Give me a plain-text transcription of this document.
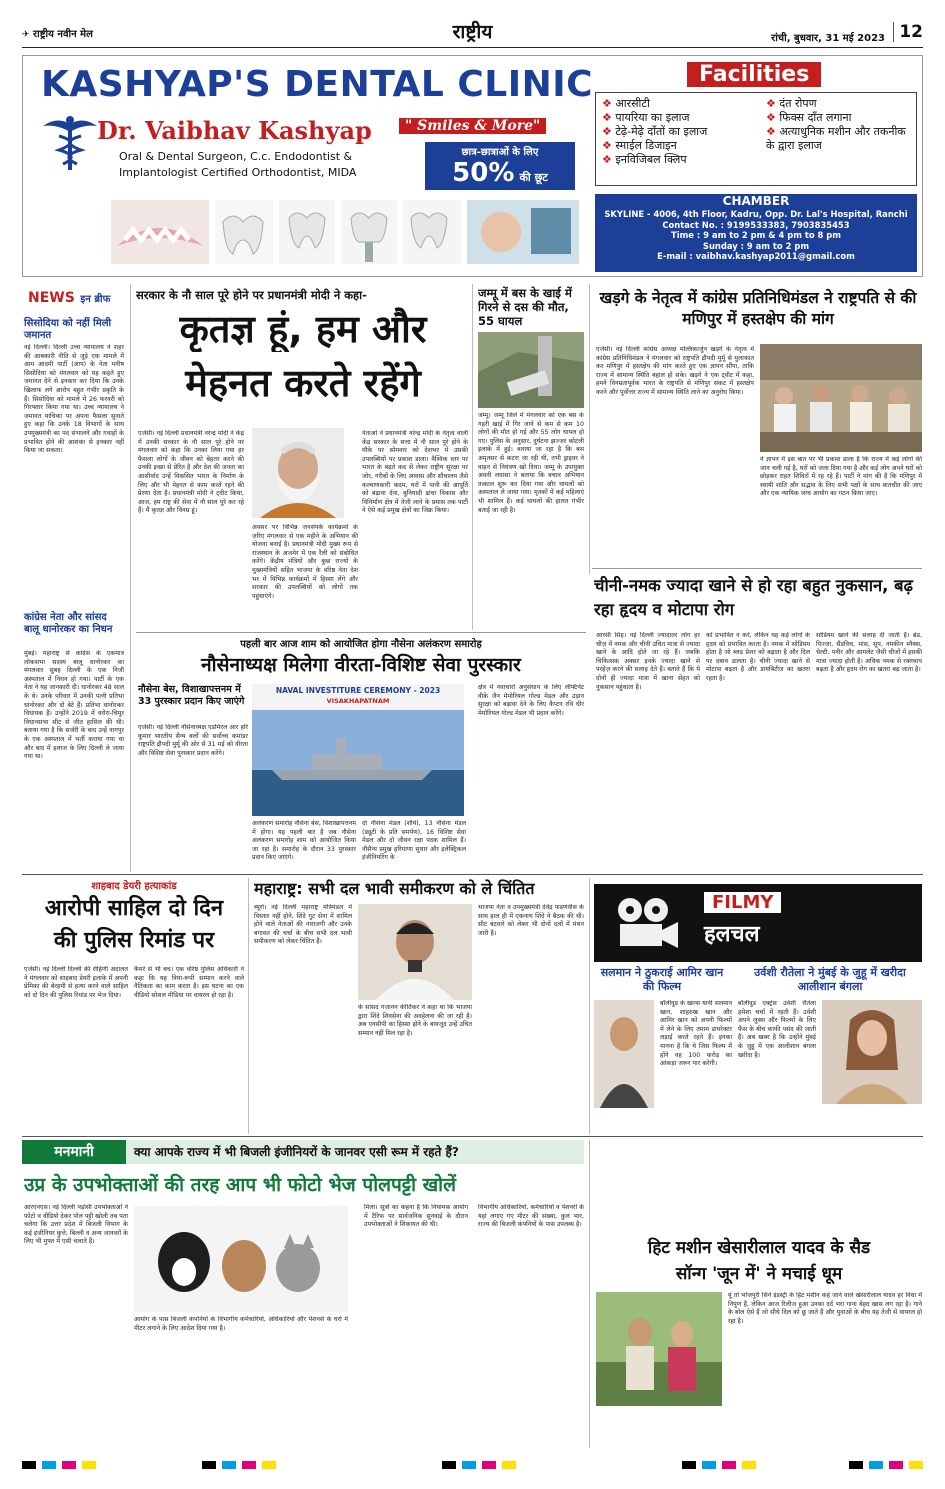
✈ राष्ट्रीय नवीन मेल	राष्ट्रीय	रांची, बुधवार, 31 मई 2023 12
KASHYAP'S DENTAL CLINIC
Dr. Vaibhav Kashyap	" Smiles & More"
Oral & Dental Surgeon, C.c. Endodontist &
Implantologist Certified Orthodontist, MIDA
छात्र-छात्राओं के लिए
50% की छूट
Facilities
❖ आरसीटी
❖ पायरिया का इलाज
❖ टेढ़े-मेढ़े दाँतों का इलाज
❖ स्माईल डिजाइन
❖ इनविजिबल क्लिप
❖ दंत रोपण
❖ फिक्स दाँत लगाना
❖ अत्याधुनिक मशीन और तकनीक के द्वारा इलाज
CHAMBER
SKYLINE - 4006, 4th Floor, Kadru, Opp. Dr. Lal's Hospital, Ranchi
Contact No. : 9199533383, 7903835453
Time : 9 am to 2 pm & 4 pm to 8 pm
Sunday : 9 am to 2 pm
E-mail : vaibhav.kashyap2011@gmail.com
NEWS इन ब्रीफ
सिसोदिया को नहीं मिली जमानत
नई दिल्ली। दिल्ली उच्च न्यायालय ने शहर की आबकारी नीति से जुड़े एक मामले में आम आदमी पार्टी (आप) के नेता मनीष सिसोदिया को मंगलवार को यह कहते हुए जमानत देने से इनकार कर दिया कि उनके खिलाफ लगे आरोप बहुत गंभीर प्रकृति के हैं। सिसोदिया को मामले में 26 फरवरी को गिरफ्तार किया गया था। उच्च न्यायालय ने जमानत याचिका पर अपना फैसला सुनाते हुए कहा कि उनके 18 विभागों के साथ उपमुख्यमंत्री का पद संभालने और गवाहों के प्रभावित होने की आशंका से इनकार नहीं किया जा सकता।
कांग्रेस नेता और सांसद बालू धानोरकर का निधन
मुंबई। महाराष्ट्र से कांग्रेस के एकमात्र लोकसभा सदस्य बालू धानोरकर का मंगलवार सुबह दिल्ली के एक निजी अस्पताल में निधन हो गया। पार्टी के एक नेता ने यह जानकारी दी। धानोरकर 48 साल के थे। उनके परिवार में उनकी पत्नी प्रतिभा धानोरकर और दो बेटे हैं। प्रतिभा धानोरकर विधायक हैं। उन्होंने 2019 में वरोरा-चिमूर विधानसभा सीट से जीत हासिल की थी। बताया गया है कि सर्जरी के बाद उन्हें नागपुर के एक अस्पताल में भर्ती कराया गया था और बाद में इलाज के लिए दिल्ली ले जाया गया था।
सरकार के नौ साल पूरे होने पर प्रधानमंत्री मोदी ने कहा-
कृतज्ञ हूं, हम और
मेहनत करते रहेंगे
एजेंसी। नई दिल्ली प्रधानमंत्री नरेन्द्र मोदी ने केंद्र में उनकी सरकार के नौ साल पूरे होने पर मंगलवार को कहा कि उनका लिया गया हर फैसला लोगों के जीवन को बेहतर करने की उनकी इच्छा से प्रेरित है और देश की जनता का आशीर्वाद उन्हें विकसित भारत के निर्माण के लिए और भी मेहनत से काम करते रहने की प्रेरणा देता है। प्रधानमंत्री मोदी ने ट्वीट किया, आज, हम राष्ट्र की सेवा में नौ साल पूरे कर रहे हैं। मैं कृतज्ञ और विनम्र हूं।
अवसर पर विभिन्न जनसंपर्क कार्यक्रमों के ज़रिए मंगलवार से एक महीने के अभियान की योजना बनाई है। प्रधानमंत्री मोदी मुख्य रूप से राजस्थान के अजमेर में एक रैली को संबोधित करेंगे। केंद्रीय मंत्रियों और कुछ राज्यों के मुख्यमंत्रियों सहित भाजपा के वरिष्ठ नेता देश भर में विभिन्न कार्यक्रमों में हिस्सा लेंगे और सरकार की उपलब्धियों को लोगों तक पहुंचाएंगे।
नेताओं ने प्रधानमंत्री नरेन्द्र मोदी के नेतृत्व वाली केंद्र सरकार के सत्ता में नौ साल पूरे होने के मौके पर सोमवार को देशभर में उसकी उपलब्धियों पर प्रकाश डाला। वैश्विक स्तर पर भारत के बढ़ते कद से लेकर राष्ट्रीय सुरक्षा पर जोर, गरीबों के लिए आवास और शौचालय जैसे कल्याणकारी कदम, घरों में पानी की आपूर्ति को बढ़ावा देना, बुनियादी ढांचा विकास और विनिर्माण क्षेत्र में तेजी लाने के प्रयास तक पार्टी ने ऐसे कई प्रमुख क्षेत्रों का जिक्र किया।
जम्मू में बस के खाई में गिरने से दस की मौत, 55 घायल
जम्मू। जम्मू जिले में मंगलवार को एक बस के गहरी खाई में गिर जाने से कम से कम 10 लोगों की मौत हो गई और 55 लोग घायल हो गए। पुलिस के अनुसार, दुर्घटना झज्जर कोटली इलाके में हुई। बताया जा रहा है कि बस अमृतसर से कटरा जा रही थी, तभी ड्राइवर ने वाहन से नियंत्रण खो दिया। जम्मू के उपायुक्त अवनी लवासा ने बताया कि बचाव अभियान तत्काल शुरू कर दिया गया और घायलों को अस्पताल ले जाया गया। मृतकों में कई महिलाएं भी शामिल हैं। कई घायलों की हालत गंभीर बताई जा रही है।
खड़गे के नेतृत्व में कांग्रेस प्रतिनिधिमंडल ने राष्ट्रपति से की मणिपुर में हस्तक्षेप की मांग
एजेंसी। नई दिल्ली कांग्रेस अध्यक्ष मल्लिकार्जुन खड़गे के नेतृत्व में कांग्रेस प्रतिनिधिमंडल ने मंगलवार को राष्ट्रपति द्रौपदी मुर्मू से मुलाकात कर मणिपुर में हस्तक्षेप की मांग करते हुए एक ज्ञापन सौंपा, ताकि राज्य में सामान्य स्थिति बहाल हो सके। खड़गे ने एक ट्वीट में कहा, हमने विनम्रतापूर्वक भारत के राष्ट्रपति से मणिपुर संकट में हस्तक्षेप करने और पूर्वोत्तर राज्य में सामान्य स्थिति लाने का अनुरोध किया।
ने ज्ञापन में इस बात पर भी प्रकाश डाला है कि राज्य में कई लोगों की जान चली गई है, घरों को जला दिया गया है और कई लोग अपने घरों को छोड़कर राहत शिविरों में रह रहे हैं। पार्टी ने मांग की है कि मणिपुर में स्थायी शांति और सद्भाव के लिए सभी पक्षों के साथ बातचीत की जाए और एक न्यायिक जांच आयोग का गठन किया जाए।
चीनी-नमक ज्यादा खाने से हो रहा बहुत नुकसान, बढ़ रहा हृदय व मोटापा रोग
आरसी सिंह। नई दिल्ली ज्यादातर लोग हर चीज़ में नमक और चीनी उचित मात्रा से ज्यादा खाने के आदि होते जा रहे हैं। जबकि चिकित्सक अक्सर इनके ज्यादा खाने से परहेज़ करने की सलाह देते हैं। बताते हैं कि ये दोनों ही ज्यादा मात्रा में खाना सेहत को नुकसान पहुंचाता है।
को प्रभावित न करे, लेकिन यह कई लोगों के हृदय को प्रभावित करता है। नमक में सोडियम होता है जो ब्लड प्रेशर को बढ़ाता है और दिल पर दबाव डालता है। चीनी ज्यादा खाने से मोटापा बढ़ता है और डायबिटीज का खतरा रहता है।
सोडियम खाने की सलाह दी जाती है। ब्रेड, पिज्जा, सैंडविच, मांस, सूप, नमकीन स्नैक्स, चेल्टी, पनीर और आमलेट जैसी चीजों में इसकी मात्रा ज्यादा होती है। अधिक नमक से रक्तचाप बढ़ता है और हृदय रोग का खतरा बढ़ जाता है।
पहली बार आज शाम को आयोजित होगा नौसेना अलंकरण समारोह
नौसेनाध्यक्ष मिलेगा वीरता-विशिष्ट सेवा पुरस्कार
नौसेना बेस, विशाखापत्तनम में 33 पुरस्कार प्रदान किए जाएंगे
एजेंसी। नई दिल्ली नौसेनाध्यक्ष एडमिरल आर हरि कुमार भारतीय सैन्य बलों की सर्वोच्च कमांडर राष्ट्रपति द्रौपदी मुर्मू की ओर से 31 मई को वीरता और विशिष्ट सेवा पुरस्कार प्रदान करेंगे।
NAVAL INVESTITURE CEREMONY - 2023
VISAKHAPATNAM
अलंकरण समारोह नौसेना बेस, विशाखापत्तनम में होगा। यह पहली बार है जब नौसेना अलंकरण समारोह शाम को आयोजित किया जा रहा है। समारोह के दौरान 33 पुरस्कार प्रदान किए जाएंगे।
दो नौसेना मेडल (शौर्य), 13 नौसेना मेडल (ड्यूटी के प्रति समर्पण), 16 विशिष्ट सेवा मेडल और दो जीवन रक्षा पदक शामिल हैं। नौसैन्य प्रमुख हरियाणा सुधार और इलेक्ट्रिकल इंजीनियरिंग के
क्षेत्र में नवाचारों अनुसंधान के लिए लेफ्टिनेंट वीके जैन मेमोरियल गोल्ड मेडल और उड़ान सुरक्षा को बढ़ावा देने के लिए कैप्टन रवि धीर मेमोरियल गोल्ड मेडल भी प्रदान करेंगे।
शाहबाद डेयरी हत्याकांड
आरोपी साहिल दो दिन
की पुलिस रिमांड पर
एजेंसी। नई दिल्ली दिल्ली की रोहिणी अदालत ने मंगलवार को शाहबाद डेयरी इलाके में अपनी प्रेमिका की बेरहमी से हत्या करने वाले साहिल को दो दिन की पुलिस रिमांड पर भेज दिया।
कैमरे से भी बच। एक वरिष्ठ पुलिस अधिकारी ने कहा कि यह त्रिया-रूपी सम्मान करने वाले नैतिकता का काम करता है। इस घटना का एक वीडियो सोशल मीडिया पर वायरल हो रहा है।
महाराष्ट्र: सभी दल भावी समीकरण को ले चिंतित
ब्यूरो। नई दिल्ली महाराष्ट्र मंत्रिमंडल में विस्तार नहीं होने, शिंदे गुट सेना में शामिल होने वाले नेताओं की नाराजगी और उनके बगावत की चर्चा के बीच सभी दल भावी समीकरण को लेकर चिंतित हैं।
के सांसद गजानन कीर्तिकर ने कहा था कि भाजपा द्वारा शिंदे शिवसेना की अवहेलना की जा रही है। अब एनसीपी का हिस्सा होने के बावजूद उन्हें उचित सम्मान नहीं मिल रहा है।
भाजपा नेता व उपमुख्यमंत्री देवेंद्र फडणवीस के साथ हाल ही में एकनाथ शिंदे ने बैठक की थी। सीट बंटवारे को लेकर भी दोनों दलों में मंथन जारी है।
FILMY
हलचल
सलमान ने ठुकराई आमिर खान की फिल्म
बॉलीवुड के खान्स यानी सलमान खान, शाहरुख खान और आमिर खान को अपनी फिल्मों में लेने के लिए तमाम डायरेक्टर लड़ाई करते रहते हैं। इनका मानना है कि ये जिस फिल्म में होंगे वह 100 करोड़ का आंकड़ा जरूर पार करेगी।
उर्वशी रौतेला ने मुंबई के जुहू में खरीदा आलीशान बंगला
बॉलीवुड एक्ट्रेस उर्वशी रौतेला हमेशा चर्चा में रहती हैं। उर्वशी अपने लुक्स और फिल्मों के लिए फैंस के बीच काफी पसंद की जाती हैं। अब खबर है कि उन्होंने मुंबई के जुहू में एक आलीशान बंगला खरीदा है।
मनमानी	क्या आपके राज्य में भी बिजली इंजीनियरों के जानवर एसी रूम में रहते हैं?
उप्र के उपभोक्ताओं की तरह आप भी फोटो भेज पोलपट्टी खोलें
आरएनएस। नई दिल्ली पड़ोसी उपभोक्ताओं ने फोटो व वीडियो देकर पोल पट्टी खोली तब पता चलेगा कि उत्तर प्रदेश में बिजली विभाग के कई इंजीनियर कुत्ते, बिल्ली व अन्य जानवरों के लिए भी मुफ्त में एसी चलाते हैं।
आयोग के पास बिजली कंपनियों के विभागीय कर्मचारियों, अधिकारियों और पेंशनर्स के घरों में मीटर लगाने के लिए आदेश दिया गया है।
मिला। सूत्रों का कहना है कि नियामक आयोग में टैरिफ पर सार्वजनिक सुनवाई के दौरान उपभोक्ताओं ने शिकायत की थी।
विभागीय अधिकारियों, कर्मचारियों व पेंशनरों के यहां लगाए गए मीटर की संख्या, कुल भार, राज्य की बिजली कंपनियों के पास उपलब्ध है।
हिट मशीन खेसारीलाल यादव के सैड
सॉन्ग 'जून में' ने मचाई धूम
यूं तो भोजपुरी सिने इंडस्ट्री के हिट मशीन कहे जाने वाले खेसारीलाल यादव हर विधा में निपुण हैं, लेकिन आज रिलीज हुआ उनका दर्द भरा गाना बेहद खास लग रहा है। गाने के बोल ऐसे हैं जो सीधे दिल को छू जाते हैं और युवाओं के बीच यह तेजी से वायरल हो रहा है।
